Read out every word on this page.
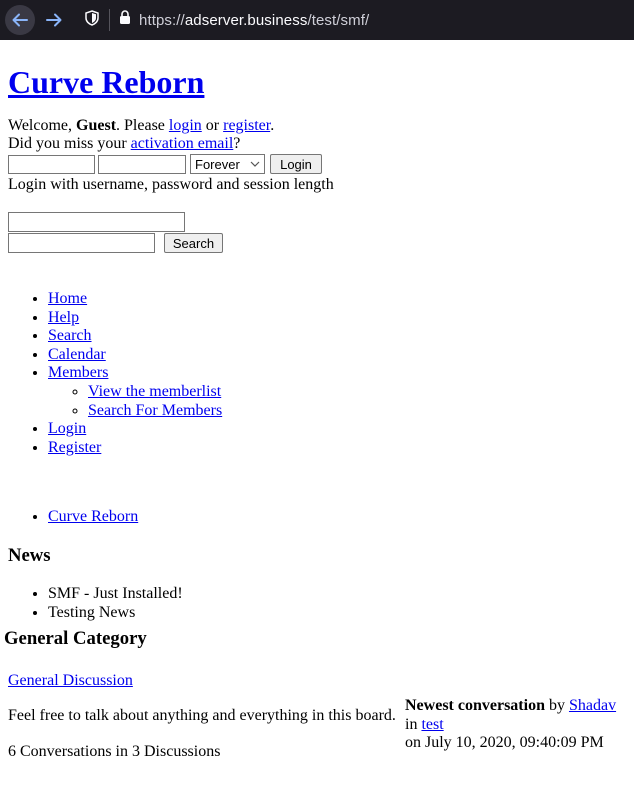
https://adserver.business/test/smf/
Curve Reborn
Welcome, Guest. Please login or register.
Did you miss your activation email?
Forever	Login
Login with username, password and session length
Search
• Home
• Help
• Search
• Calendar
• Members
◦ View the memberlist
◦ Search For Members
• Login
• Register
• Curve Reborn
News
• SMF - Just Installed!
• Testing News
General Category
General Discussion
Feel free to talk about anything and everything in this board.
6 Conversations in 3 Discussions
Newest conversation by Shadav
in test
on July 10, 2020, 09:40:09 PM
